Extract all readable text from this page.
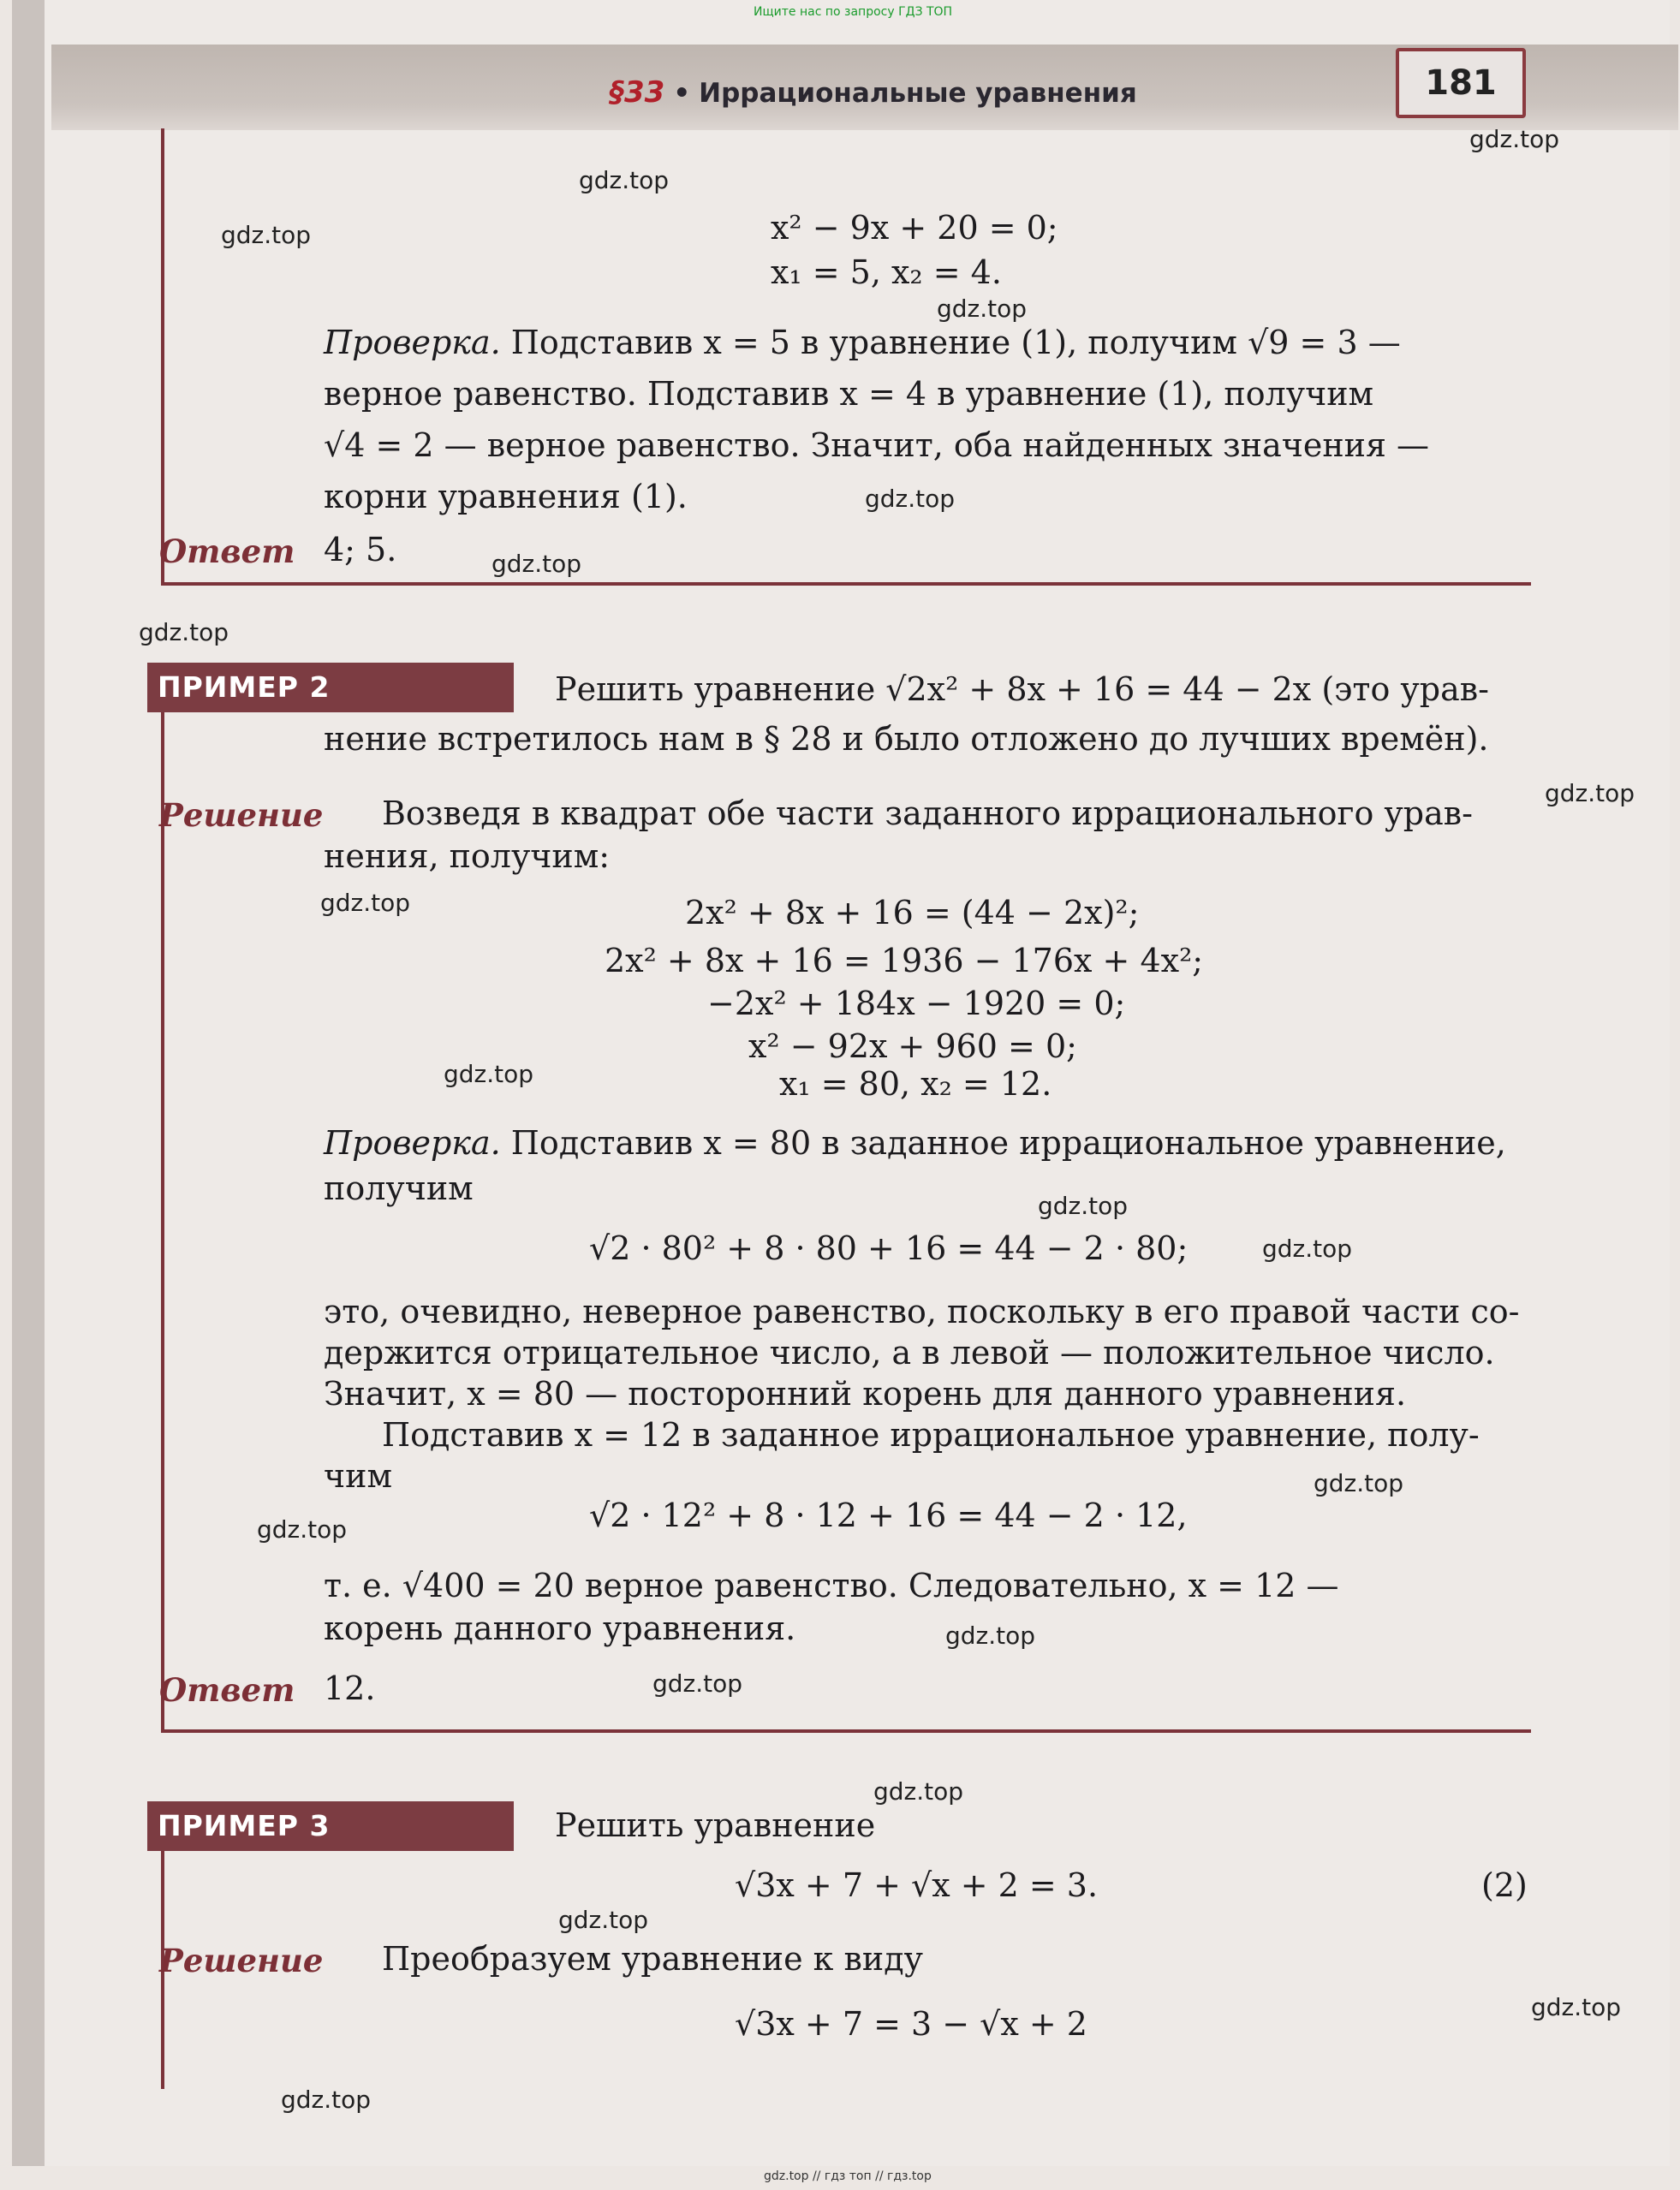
Ищите нас по запросу ГДЗ ТОП
§33 • Иррациональные уравнения	181
x² − 9x + 20 = 0;
x₁ = 5, x₂ = 4.
Проверка. Подставив x = 5 в уравнение (1), получим √9 = 3 —
верное равенство. Подставив x = 4 в уравнение (1), получим
√4 = 2 — верное равенство. Значит, оба найденных значения —
корни уравнения (1).
Ответ 4; 5.
ПРИМЕР 2	Решить уравнение √2x² + 8x + 16 = 44 − 2x (это урав-
нение встретилось нам в § 28 и было отложено до лучших времён).
Решение Возведя в квадрат обе части заданного иррационального урав-
нения, получим:
2x² + 8x + 16 = (44 − 2x)²;
2x² + 8x + 16 = 1936 − 176x + 4x²;
−2x² + 184x − 1920 = 0;
x² − 92x + 960 = 0;
x₁ = 80, x₂ = 12.
Проверка. Подставив x = 80 в заданное иррациональное уравнение,
получим
√2 · 80² + 8 · 80 + 16 = 44 − 2 · 80;
это, очевидно, неверное равенство, поскольку в его правой части со-
держится отрицательное число, а в левой — положительное число.
Значит, x = 80 — посторонний корень для данного уравнения.
Подставив x = 12 в заданное иррациональное уравнение, полу-
чим
√2 · 12² + 8 · 12 + 16 = 44 − 2 · 12,
т. е. √400 = 20 верное равенство. Следовательно, x = 12 —
корень данного уравнения.
Ответ 12.
ПРИМЕР 3	Решить уравнение
√3x + 7 + √x + 2 = 3.	(2)
Решение Преобразуем уравнение к виду
√3x + 7 = 3 − √x + 2
gdz.top
gdz.top
gdz.top
gdz.top
gdz.top
gdz.top
gdz.top
gdz.top
gdz.top
gdz.top
gdz.top
gdz.top
gdz.top
gdz.top
gdz.top
gdz.top
gdz.top
gdz.top
gdz.top
gdz.top
gdz.top // гдз топ // гдз.top
